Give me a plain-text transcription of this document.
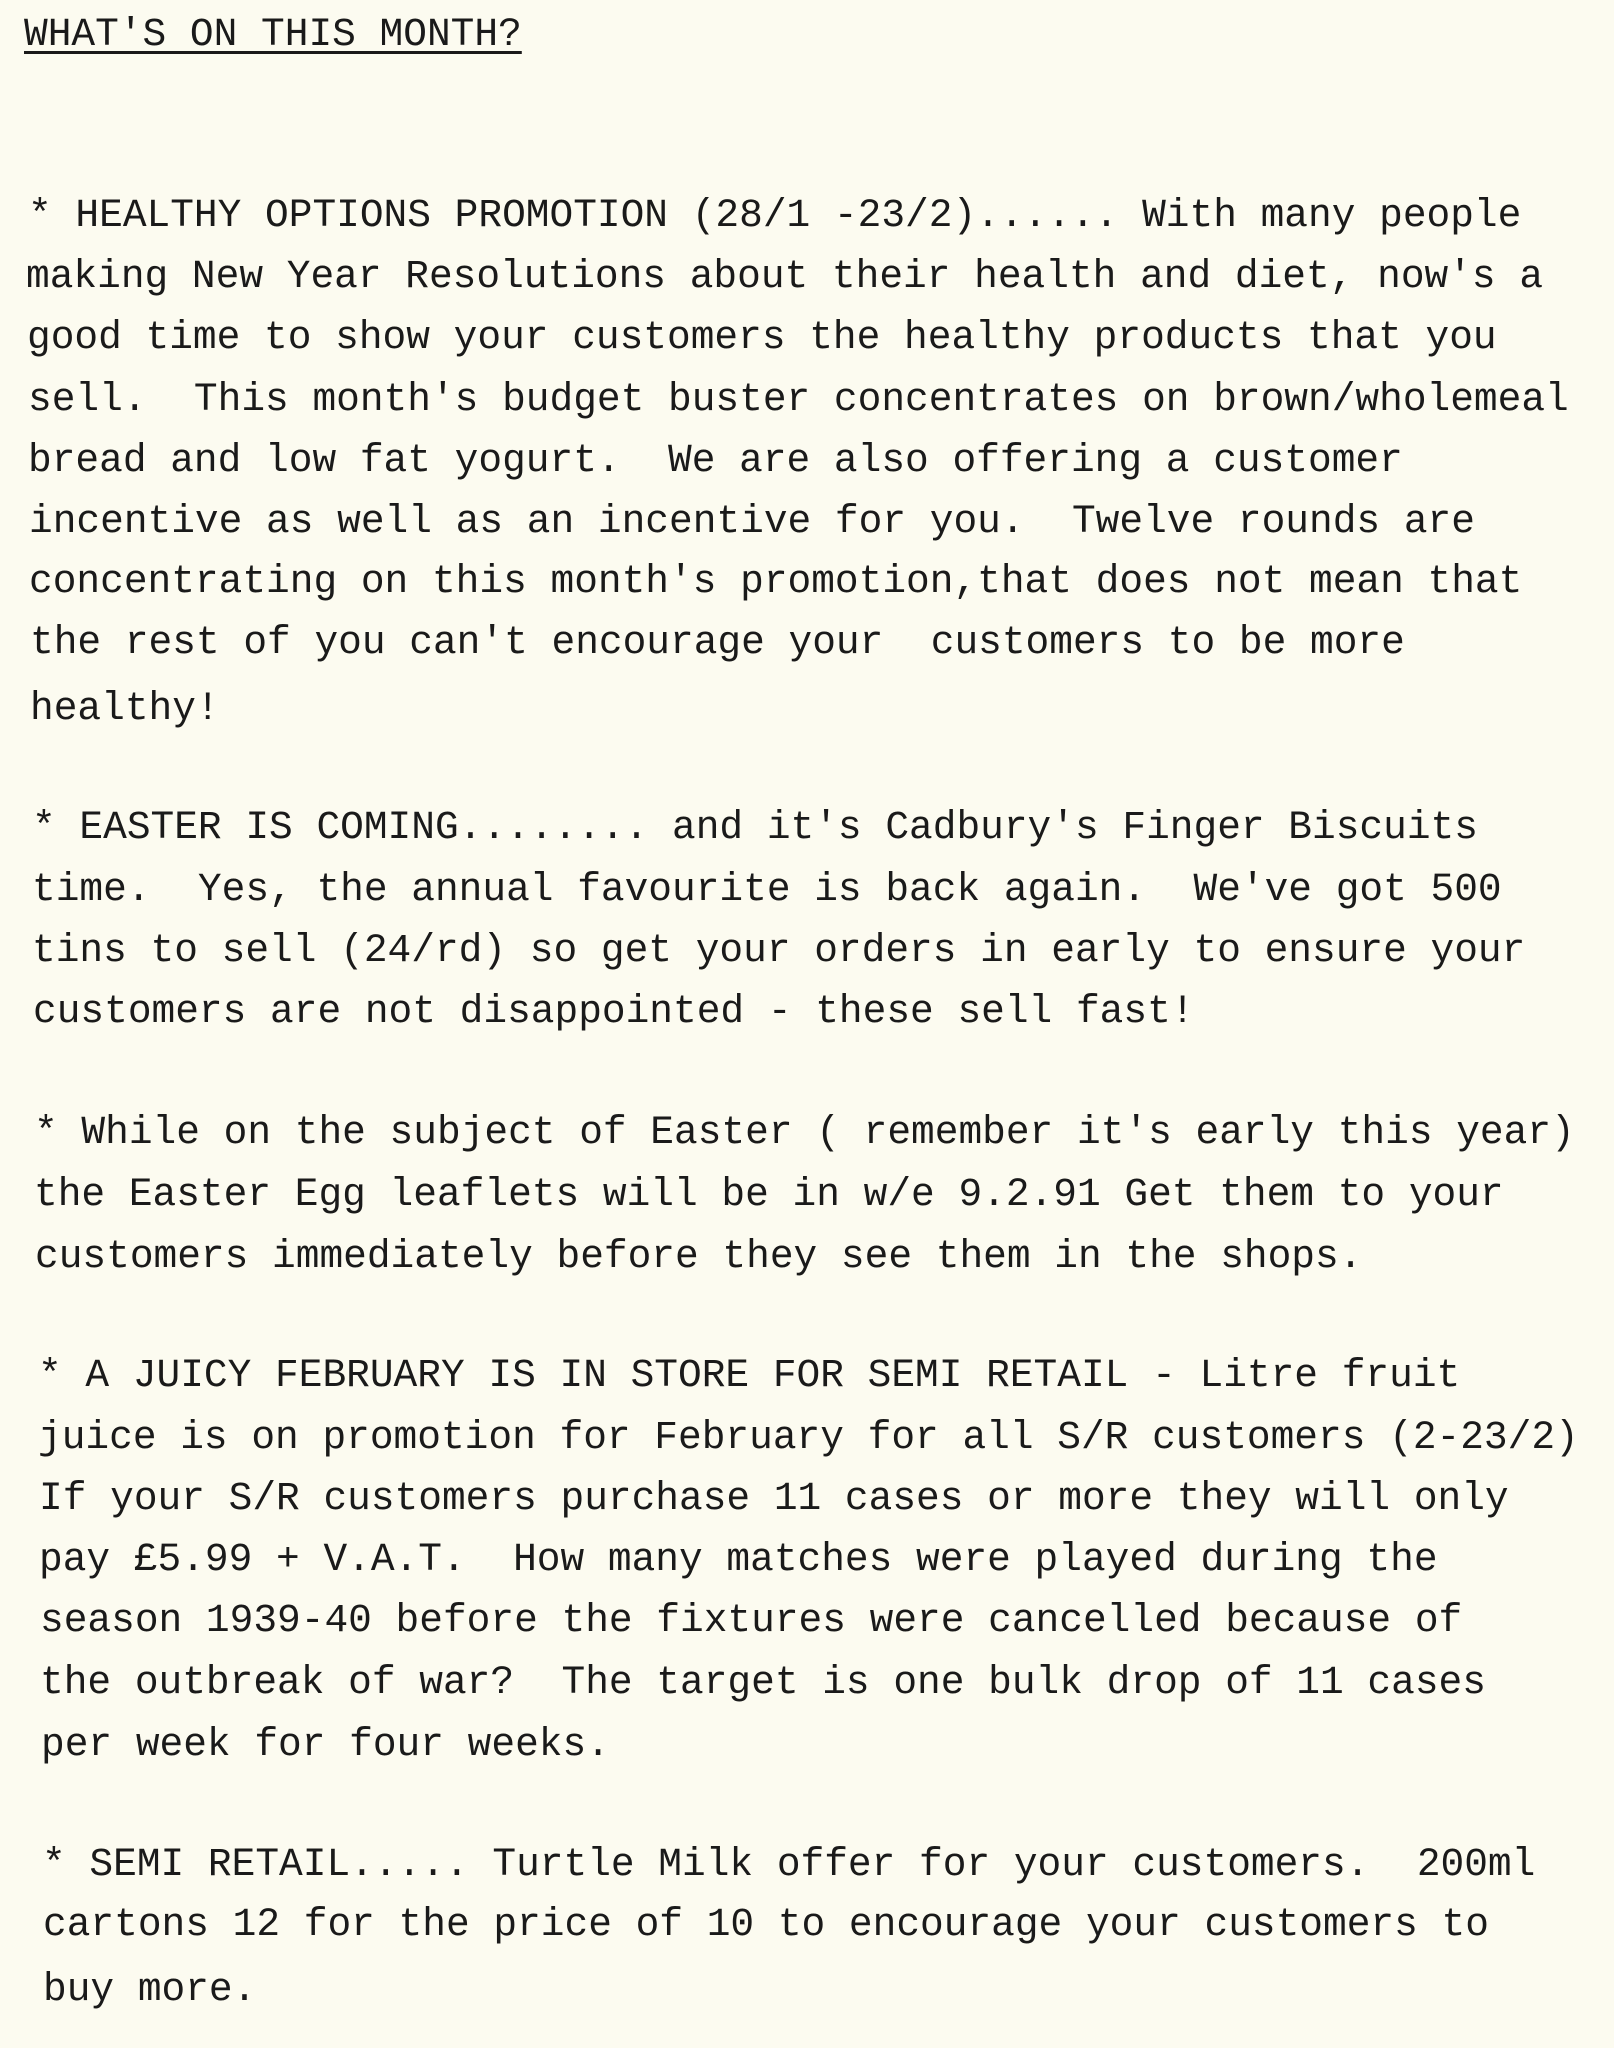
WHAT'S ON THIS MONTH?
* HEALTHY OPTIONS PROMOTION (28/1 -23/2)...... With many people
making New Year Resolutions about their health and diet, now's a
good time to show your customers the healthy products that you
sell.  This month's budget buster concentrates on brown/wholemeal
bread and low fat yogurt.  We are also offering a customer
incentive as well as an incentive for you.  Twelve rounds are
concentrating on this month's promotion,that does not mean that
the rest of you can't encourage your  customers to be more
healthy!
* EASTER IS COMING........ and it's Cadbury's Finger Biscuits
time.  Yes, the annual favourite is back again.  We've got 500
tins to sell (24/rd) so get your orders in early to ensure your
customers are not disappointed - these sell fast!
* While on the subject of Easter ( remember it's early this year)
the Easter Egg leaflets will be in w/e 9.2.91 Get them to your
customers immediately before they see them in the shops.
* A JUICY FEBRUARY IS IN STORE FOR SEMI RETAIL - Litre fruit
juice is on promotion for February for all S/R customers (2-23/2)
If your S/R customers purchase 11 cases or more they will only
pay £5.99 + V.A.T.  How many matches were played during the
season 1939-40 before the fixtures were cancelled because of
the outbreak of war?  The target is one bulk drop of 11 cases
per week for four weeks.
* SEMI RETAIL..... Turtle Milk offer for your customers.  200ml
cartons 12 for the price of 10 to encourage your customers to
buy more.
